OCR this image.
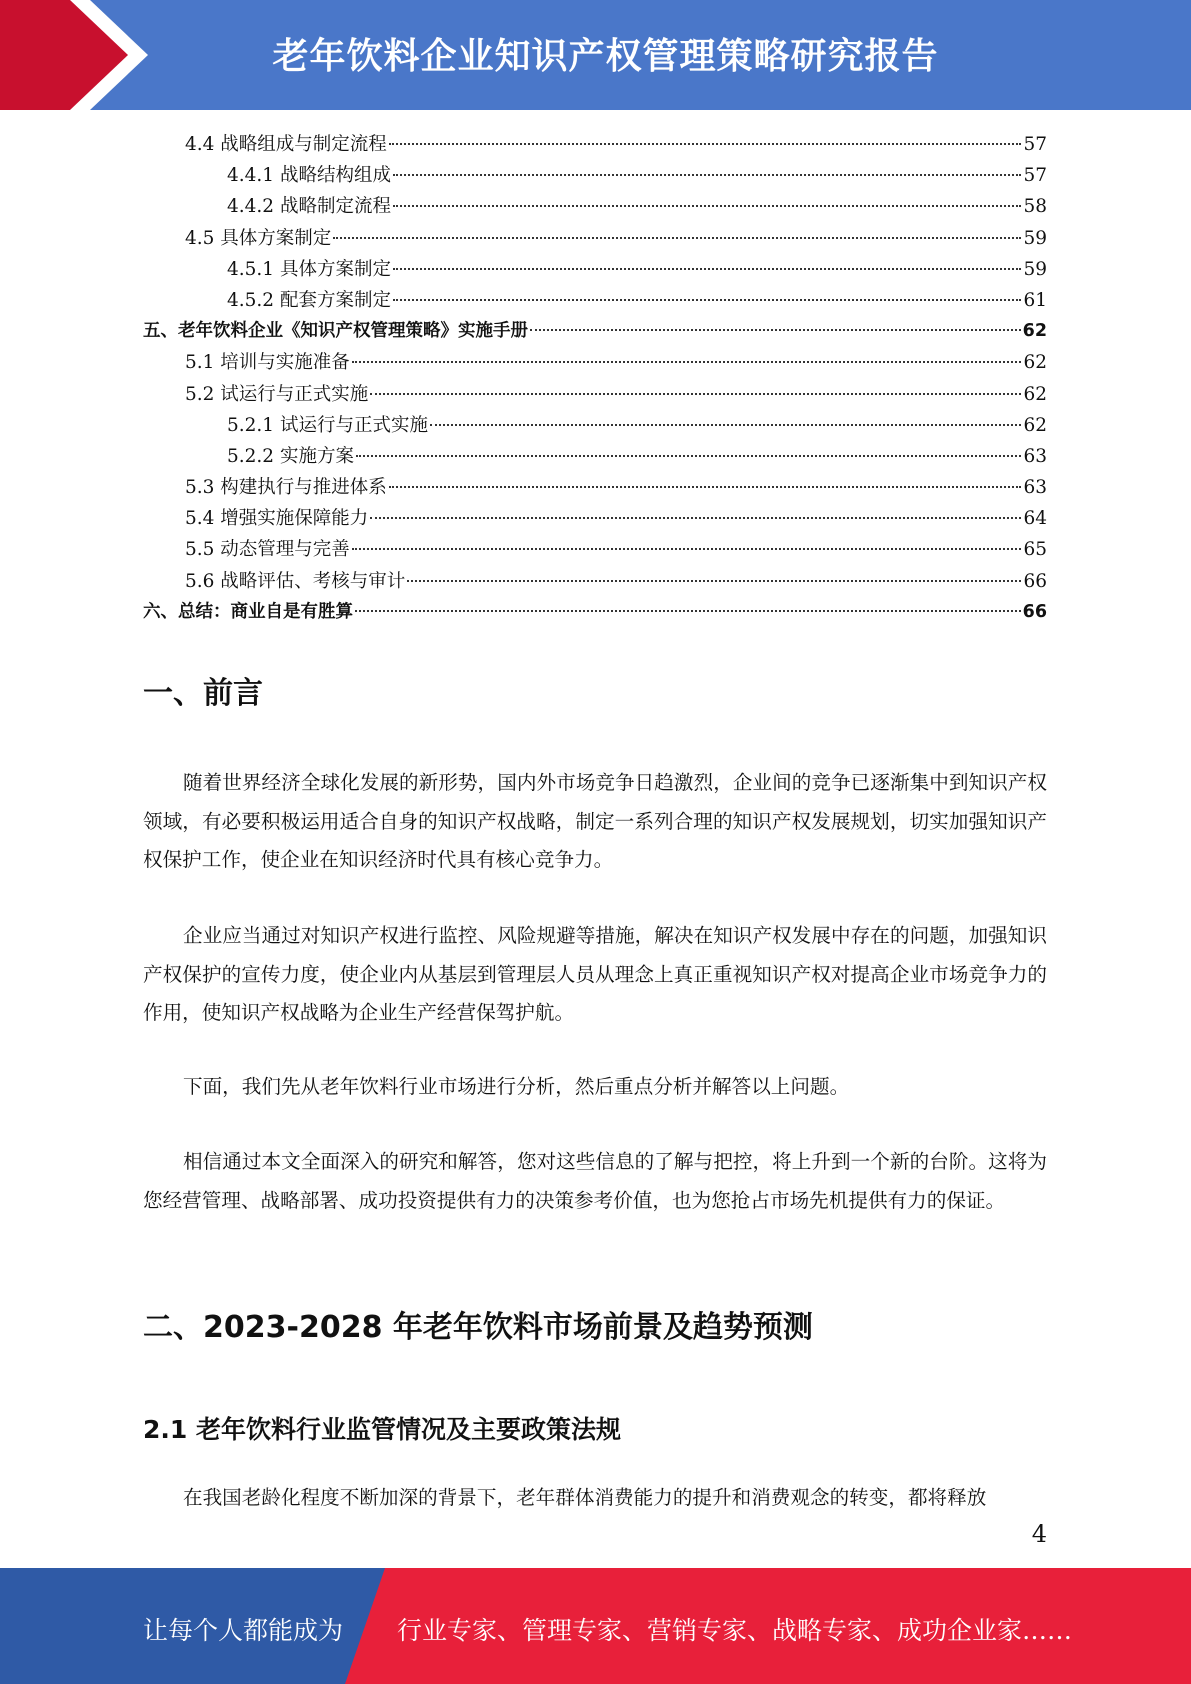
老年饮料企业知识产权管理策略研究报告
4.4 战略组成与制定流程	57
4.4.1 战略结构组成	57
4.4.2 战略制定流程	58
4.5 具体方案制定	59
4.5.1 具体方案制定	59
4.5.2 配套方案制定	61
五、老年饮料企业《知识产权管理策略》实施手册	62
5.1 培训与实施准备	62
5.2 试运行与正式实施	62
5.2.1 试运行与正式实施	62
5.2.2 实施方案	63
5.3 构建执行与推进体系	63
5.4 增强实施保障能力	64
5.5 动态管理与完善	65
5.6 战略评估、考核与审计	66
六、总结：商业自是有胜算	66
一、前言

随着世界经济全球化发展的新形势，国内外市场竞争日趋激烈，企业间的竞争已逐渐集中到知识产权领域，有必要积极运用适合自身的知识产权战略，制定一系列合理的知识产权发展规划，切实加强知识产权保护工作，使企业在知识经济时代具有核心竞争力。

企业应当通过对知识产权进行监控、风险规避等措施，解决在知识产权发展中存在的问题，加强知识产权保护的宣传力度，使企业内从基层到管理层人员从理念上真正重视知识产权对提高企业市场竞争力的作用，使知识产权战略为企业生产经营保驾护航。

下面，我们先从老年饮料行业市场进行分析，然后重点分析并解答以上问题。

相信通过本文全面深入的研究和解答，您对这些信息的了解与把控，将上升到一个新的台阶。这将为您经营管理、战略部署、成功投资提供有力的决策参考价值，也为您抢占市场先机提供有力的保证。

二、2023-2028 年老年饮料市场前景及趋势预测
2.1 老年饮料行业监管情况及主要政策法规

在我国老龄化程度不断加深的背景下，老年群体消费能力的提升和消费观念的转变，都将释放

4
让每个人都能成为 行业专家、管理专家、营销专家、战略专家、成功企业家……
